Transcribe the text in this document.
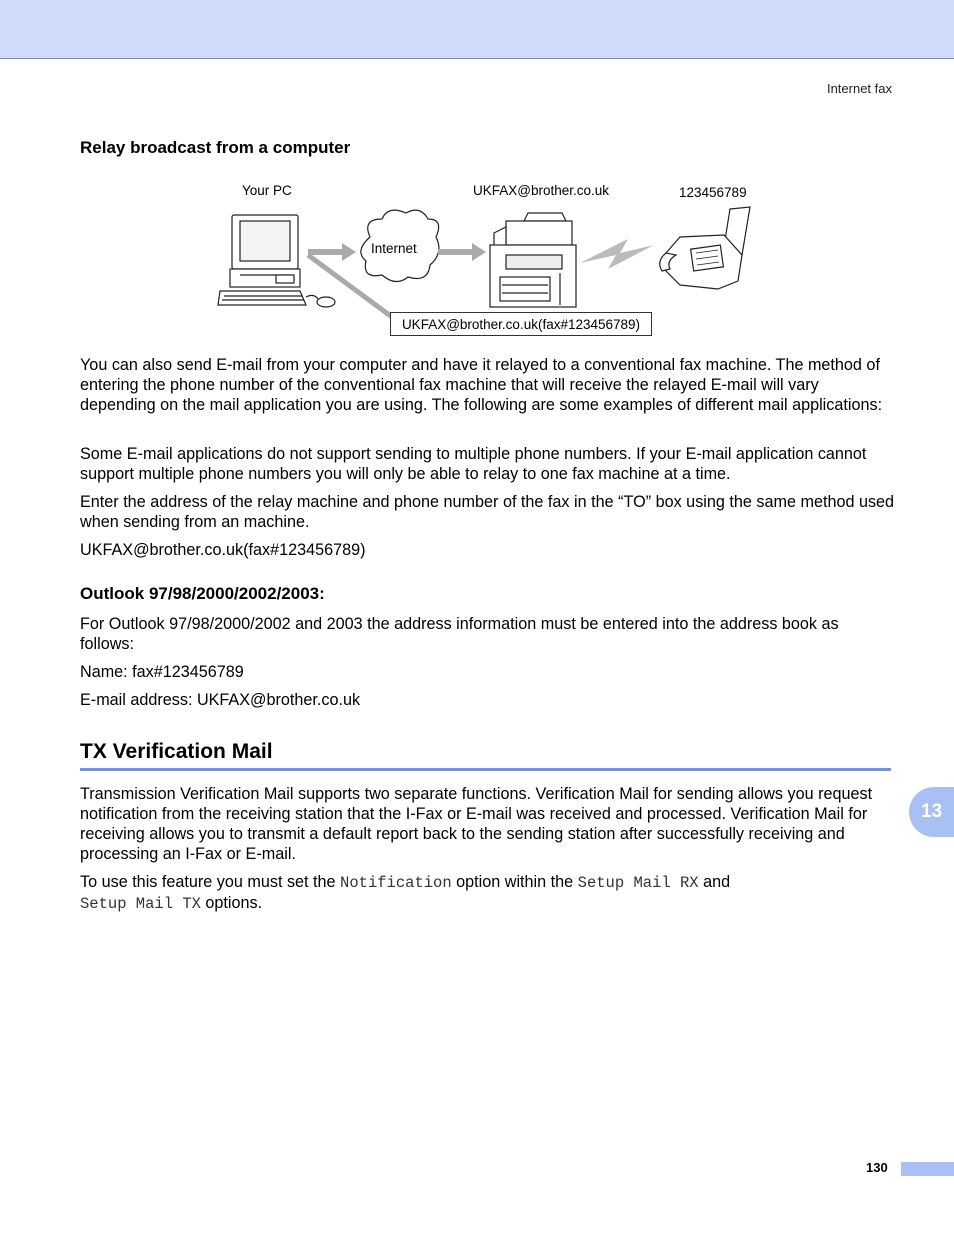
Internet fax
Relay broadcast from a computer
Your PC	UKFAX@brother.co.uk	123456789
Internet
UKFAX@brother.co.uk(fax#123456789)
You can also send E-mail from your computer and have it relayed to a conventional fax machine. The method of entering the phone number of the conventional fax machine that will receive the relayed E-mail will vary depending on the mail application you are using. The following are some examples of different mail applications:
Some E-mail applications do not support sending to multiple phone numbers. If your E-mail application cannot support multiple phone numbers you will only be able to relay to one fax machine at a time.
Enter the address of the relay machine and phone number of the fax in the “TO” box using the same method used when sending from an machine.
UKFAX@brother.co.uk(fax#123456789)
Outlook 97/98/2000/2002/2003:
For Outlook 97/98/2000/2002 and 2003 the address information must be entered into the address book as follows:
Name: fax#123456789
E-mail address: UKFAX@brother.co.uk
TX Verification Mail
Transmission Verification Mail supports two separate functions. Verification Mail for sending allows you request notification from the receiving station that the I-Fax or E-mail was received and processed. Verification Mail for receiving allows you to transmit a default report back to the sending station after successfully receiving and processing an I-Fax or E-mail.
To use this feature you must set the Notification option within the Setup Mail RX and
Setup Mail TX options.
13
130
